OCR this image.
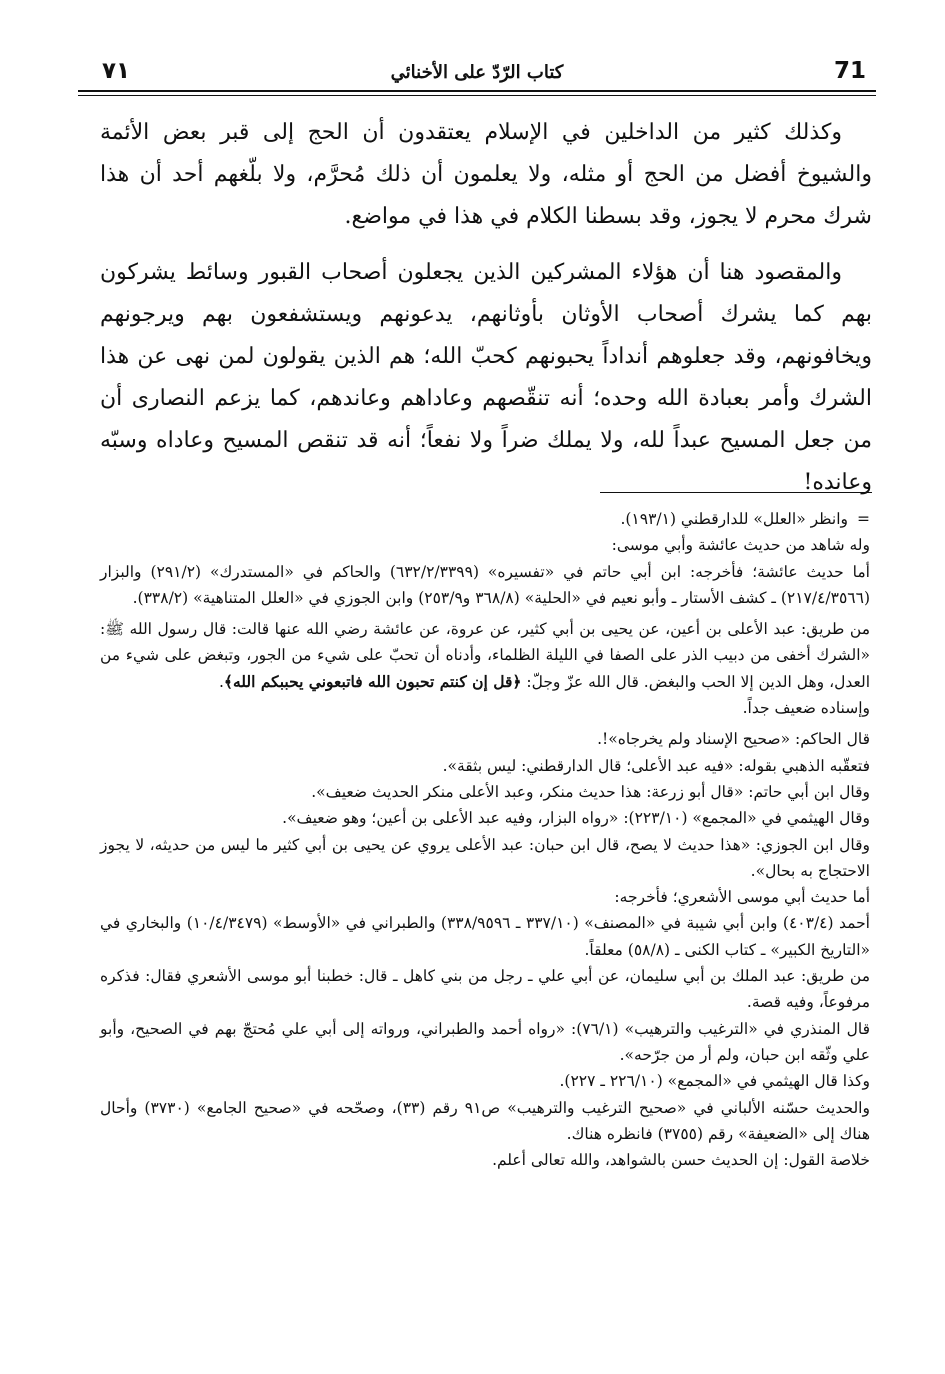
٧١	كتاب الرّدّ على الأخنائي	71

وكذلك كثير من الداخلين في الإسلام يعتقدون أن الحج إلى قبر بعض الأئمة والشيوخ أفضل من الحج أو مثله، ولا يعلمون أن ذلك مُحرَّم، ولا بلّغهم أحد أن هذا شرك محرم لا يجوز، وقد بسطنا الكلام في هذا في مواضع.

والمقصود هنا أن هؤلاء المشركين الذين يجعلون أصحاب القبور وسائط يشركون بهم كما يشرك أصحاب الأوثان بأوثانهم، يدعونهم ويستشفعون بهم ويرجونهم ويخافونهم، وقد جعلوهم أنداداً يحبونهم كحبّ الله؛ هم الذين يقولون لمن نهى عن هذا الشرك وأمر بعبادة الله وحده؛ أنه تنقّصهم وعاداهم وعاندهم، كما يزعم النصارى أن من جعل المسيح عبداً لله، ولا يملك ضراً ولا نفعاً؛ أنه قد تنقص المسيح وعاداه وسبّه وعانده!

=
وانظر «العلل» للدارقطني (١٩٣/١).

وله شاهد من حديث عائشة وأبي موسى:

أما حديث عائشة؛ فأخرجه: ابن أبي حاتم في «تفسيره» (٦٣٢/٢/٣٣٩٩) والحاكم في «المستدرك» (٢٩١/٢) والبزار (٢١٧/٤/٣٥٦٦) ـ كشف الأستار ـ وأبو نعيم في «الحلية» (٣٦٨/٨ و٢٥٣/٩) وابن الجوزي في «العلل المتناهية» (٣٣٨/٢).

من طريق: عبد الأعلى بن أعين، عن يحيى بن أبي كثير، عن عروة، عن عائشة رضي الله عنها قالت: قال رسول الله ﷺ: «الشرك أخفى من دبيب الذر على الصفا في الليلة الظلماء، وأدناه أن تحبّ على شيء من الجور، وتبغض على شيء من العدل، وهل الدين إلا الحب والبغض. قال الله عزّ وجلّ: ﴿قل إن كنتم تحبون الله فاتبعوني يحببكم الله﴾.

وإسناده ضعيف جداً.

قال الحاكم: «صحيح الإسناد ولم يخرجاه»!.

فتعقّبه الذهبي بقوله: «فيه عبد الأعلى؛ قال الدارقطني: ليس بثقة».

وقال ابن أبي حاتم: «قال أبو زرعة: هذا حديث منكر، وعبد الأعلى منكر الحديث ضعيف».

وقال الهيثمي في «المجمع» (٢٢٣/١٠): «رواه البزار، وفيه عبد الأعلى بن أعين؛ وهو ضعيف».

وقال ابن الجوزي: «هذا حديث لا يصح، قال ابن حبان: عبد الأعلى يروي عن يحيى بن أبي كثير ما ليس من حديثه، لا يجوز الاحتجاج به بحال».

أما حديث أبي موسى الأشعري؛ فأخرجه:

أحمد (٤٠٣/٤) وابن أبي شيبة في «المصنف» (٣٣٧/١٠ ـ ٣٣٨/٩٥٩٦) والطبراني في «الأوسط» (١٠/٤/٣٤٧٩) والبخاري في «التاريخ الكبير» ـ كتاب الكنى ـ (٥٨/٨) معلقاً.

من طريق: عبد الملك بن أبي سليمان، عن أبي علي ـ رجل من بني كاهل ـ قال: خطبنا أبو موسى الأشعري فقال: فذكره مرفوعاً، وفيه قصة.

قال المنذري في «الترغيب والترهيب» (٧٦/١): «رواه أحمد والطبراني، ورواته إلى أبي علي مُحتجّ بهم في الصحيح، وأبو علي وثّقه ابن حبان، ولم أر من جرّحه».

وكذا قال الهيثمي في «المجمع» (٢٢٦/١٠ ـ ٢٢٧).

والحديث حسّنه الألباني في «صحيح الترغيب والترهيب» ص٩١ رقم (٣٣)، وصحّحه في «صحيح الجامع» (٣٧٣٠) وأحال هناك إلى «الضعيفة» رقم (٣٧٥٥) فانظره هناك.

خلاصة القول: إن الحديث حسن بالشواهد، والله تعالى أعلم.
